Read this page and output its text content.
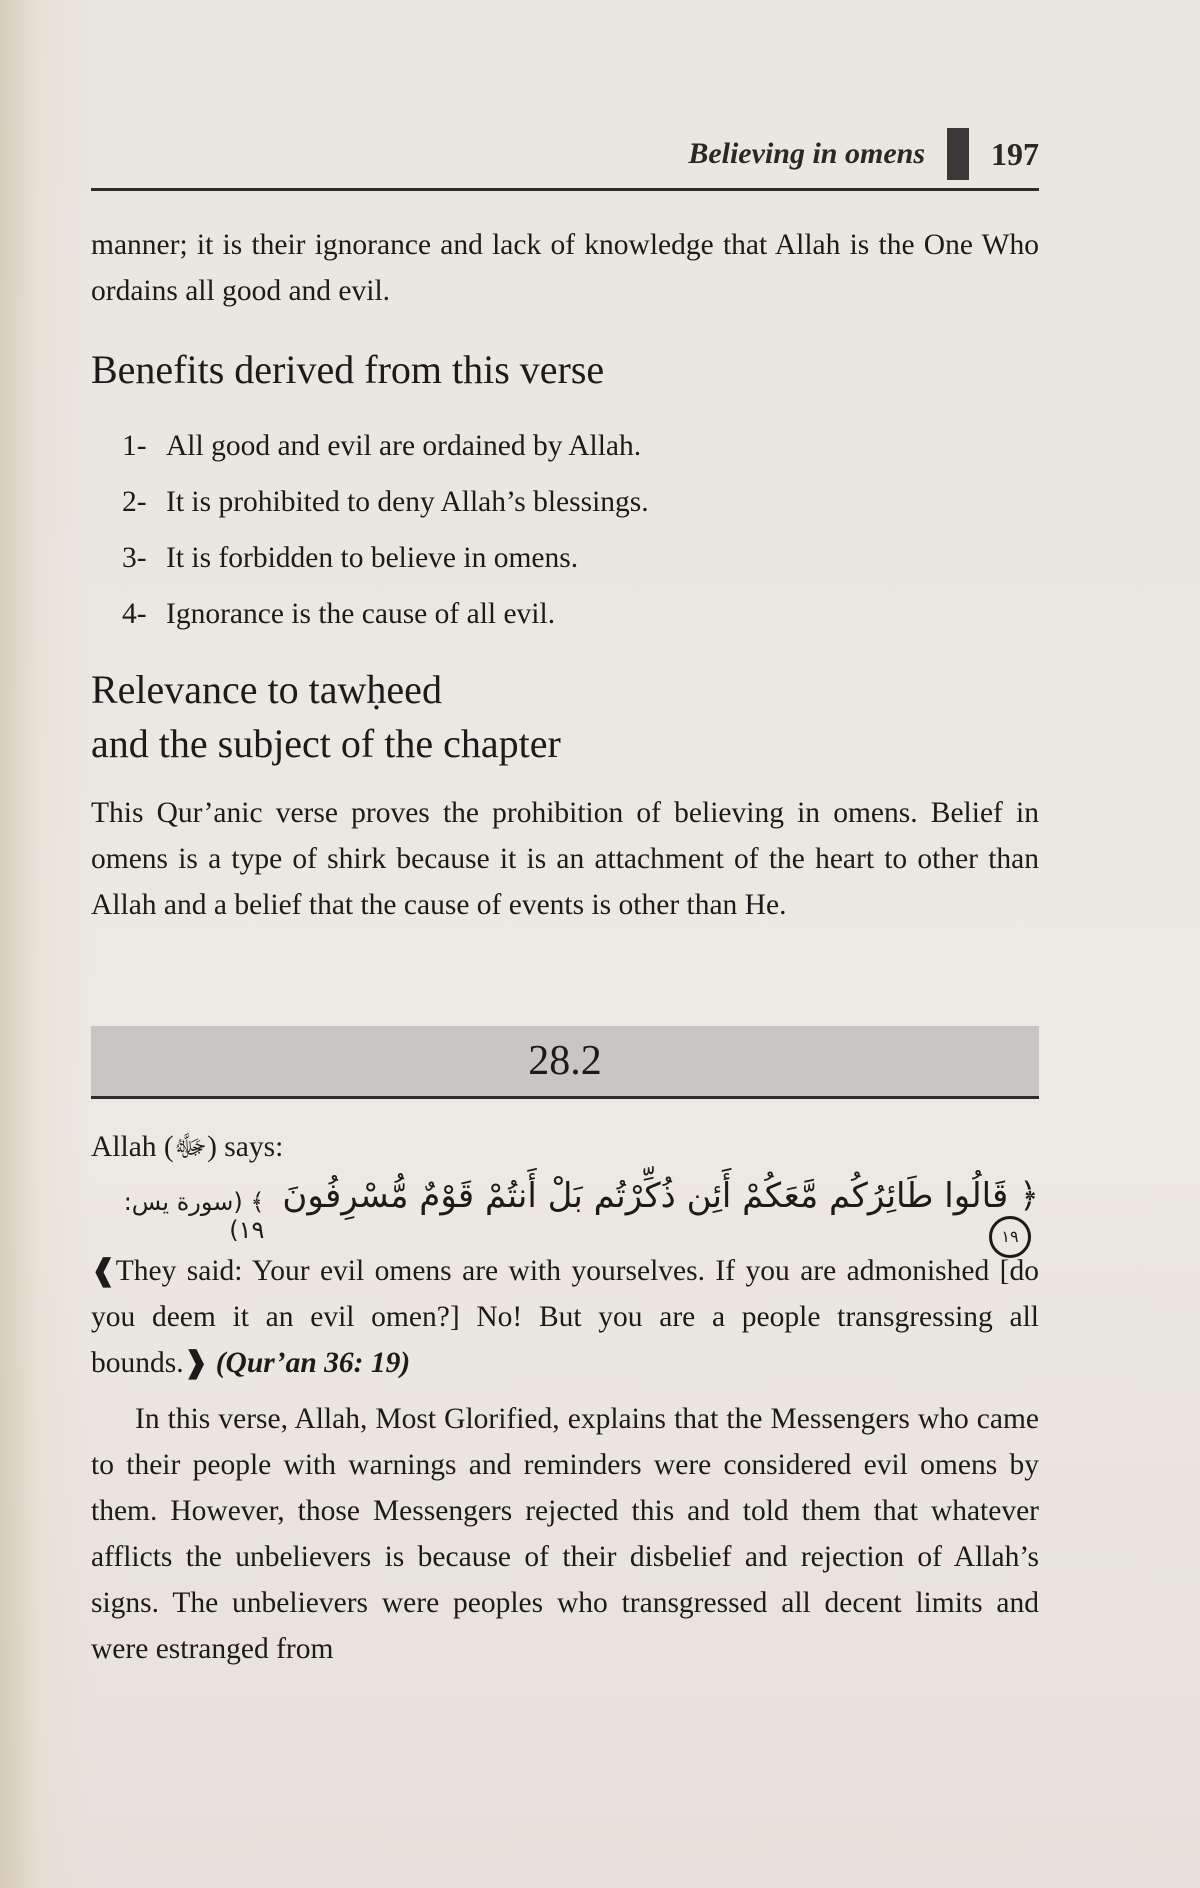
Believing in omens 197

manner; it is their ignorance and lack of knowledge that Allah is the One Who ordains all good and evil.

Benefits derived from this verse
1- All good and evil are ordained by Allah.
2- It is prohibited to deny Allah’s blessings.
3- It is forbidden to believe in omens.
4- Ignorance is the cause of all evil.
Relevance to tawḥeed
and the subject of the chapter

This Qur’anic verse proves the prohibition of believing in omens. Belief in omens is a type of shirk because it is an attachment of the heart to other than Allah and a belief that the cause of events is other than He.

28.2
Allah (ﷻ) says:
﴿ قَالُوا طَائِرُكُم مَّعَكُمْ أَئِن ذُكِّرْتُم بَلْ أَنتُمْ قَوْمٌ مُّسْرِفُونَ ١٩
﴾ (سورة يس: ١٩)

❰They said: Your evil omens are with yourselves. If you are admonished [do you deem it an evil omen?] No! But you are a people transgressing all bounds.❱ (Qur’an 36: 19)

In this verse, Allah, Most Glorified, explains that the Messengers who came to their people with warnings and reminders were considered evil omens by them. However, those Messengers rejected this and told them that whatever afflicts the unbelievers is because of their disbelief and rejection of Allah’s signs. The unbelievers were peoples who transgressed all decent limits and were estranged from
